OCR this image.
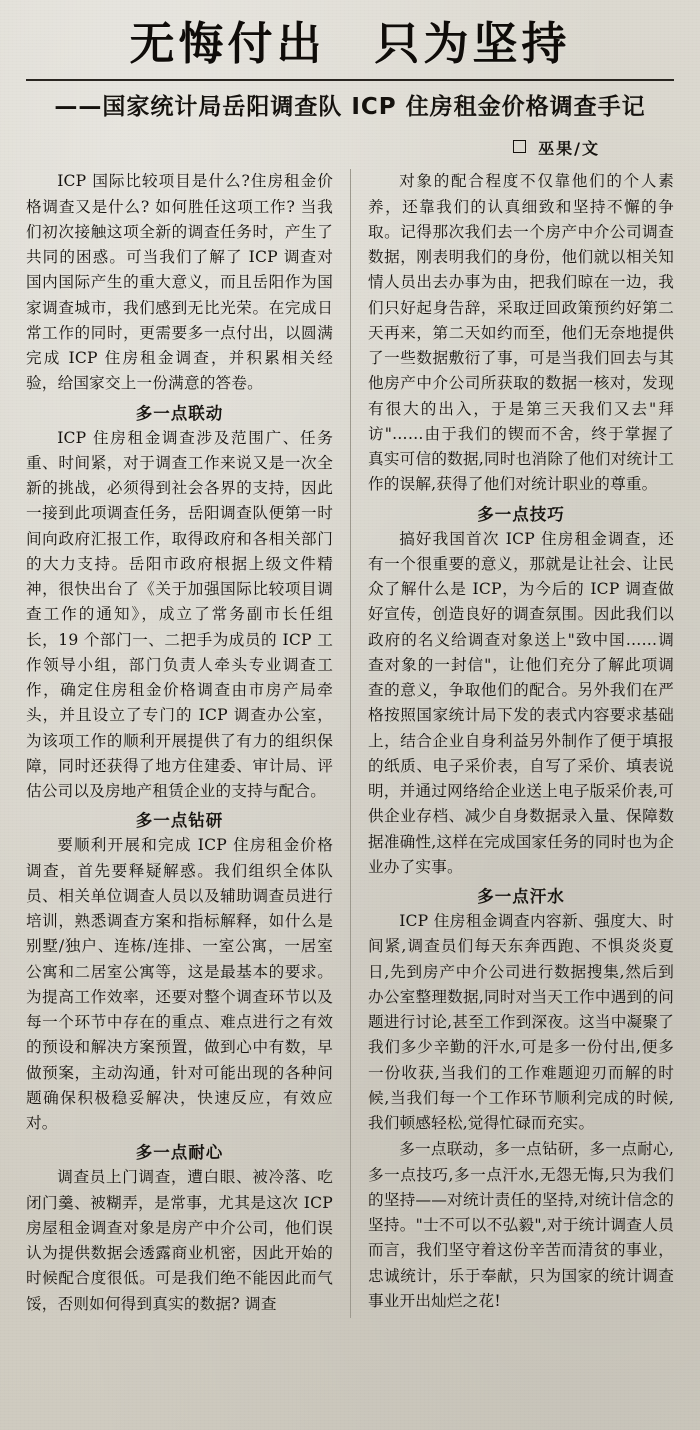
无悔付出　只为坚持
——国家统计局岳阳调查队 ICP 住房租金价格调查手记
巫果/文

ICP 国际比较项目是什么?住房租金价格调查又是什么? 如何胜任这项工作? 当我们初次接触这项全新的调查任务时，产生了共同的困惑。可当我们了解了 ICP 调查对国内国际产生的重大意义，而且岳阳作为国家调查城市，我们感到无比光荣。在完成日常工作的同时，更需要多一点付出，以圆满完成 ICP 住房租金调查，并积累相关经验，给国家交上一份满意的答卷。

多一点联动

ICP 住房租金调查涉及范围广、任务重、时间紧，对于调查工作来说又是一次全新的挑战，必须得到社会各界的支持，因此一接到此项调查任务，岳阳调查队便第一时间向政府汇报工作，取得政府和各相关部门的大力支持。岳阳市政府根据上级文件精神，很快出台了《关于加强国际比较项目调查工作的通知》，成立了常务副市长任组长，19 个部门一、二把手为成员的 ICP 工作领导小组，部门负责人牵头专业调查工作，确定住房租金价格调查由市房产局牵头，并且设立了专门的 ICP 调查办公室，为该项工作的顺利开展提供了有力的组织保障，同时还获得了地方住建委、审计局、评估公司以及房地产租赁企业的支持与配合。

多一点钻研

要顺利开展和完成 ICP 住房租金价格调查，首先要释疑解惑。我们组织全体队员、相关单位调查人员以及辅助调查员进行培训，熟悉调查方案和指标解释，如什么是别墅/独户、连栋/连排、一室公寓，一居室公寓和二居室公寓等，这是最基本的要求。为提高工作效率，还要对整个调查环节以及每一个环节中存在的重点、难点进行之有效的预设和解决方案预置，做到心中有数，早做预案，主动沟通，针对可能出现的各种问题确保积极稳妥解决，快速反应，有效应对。

多一点耐心

调查员上门调查，遭白眼、被冷落、吃闭门羹、被糊弄，是常事，尤其是这次 ICP 房屋租金调查对象是房产中介公司，他们误认为提供数据会透露商业机密，因此开始的时候配合度很低。可是我们绝不能因此而气馁，否则如何得到真实的数据? 调查

对象的配合程度不仅靠他们的个人素养，还靠我们的认真细致和坚持不懈的争取。记得那次我们去一个房产中介公司调查数据，刚表明我们的身份，他们就以相关知情人员出去办事为由，把我们晾在一边，我们只好起身告辞，采取迂回政策预约好第二天再来，第二天如约而至，他们无奈地提供了一些数据敷衍了事，可是当我们回去与其他房产中介公司所获取的数据一核对，发现有很大的出入，于是第三天我们又去"拜访"……由于我们的锲而不舍，终于掌握了真实可信的数据,同时也消除了他们对统计工作的误解,获得了他们对统计职业的尊重。

多一点技巧

搞好我国首次 ICP 住房租金调查，还有一个很重要的意义，那就是让社会、让民众了解什么是 ICP，为今后的 ICP 调查做好宣传，创造良好的调查氛围。因此我们以政府的名义给调查对象送上"致中国……调查对象的一封信"，让他们充分了解此项调查的意义，争取他们的配合。另外我们在严格按照国家统计局下发的表式内容要求基础上，结合企业自身利益另外制作了便于填报的纸质、电子采价表，自写了采价、填表说明，并通过网络给企业送上电子版采价表,可供企业存档、减少自身数据录入量、保障数据准确性,这样在完成国家任务的同时也为企业办了实事。

多一点汗水

ICP 住房租金调查内容新、强度大、时间紧,调查员们每天东奔西跑、不惧炎炎夏日,先到房产中介公司进行数据搜集,然后到办公室整理数据,同时对当天工作中遇到的问题进行讨论,甚至工作到深夜。这当中凝聚了我们多少辛勤的汗水,可是多一份付出,便多一份收获,当我们的工作难题迎刃而解的时候,当我们每一个工作环节顺利完成的时候,我们顿感轻松,觉得忙碌而充实。

多一点联动，多一点钻研，多一点耐心,多一点技巧,多一点汗水,无怨无悔,只为我们的坚持——对统计责任的坚持,对统计信念的坚持。"士不可以不弘毅",对于统计调查人员而言，我们坚守着这份辛苦而清贫的事业，忠诚统计，乐于奉献，只为国家的统计调查事业开出灿烂之花!
